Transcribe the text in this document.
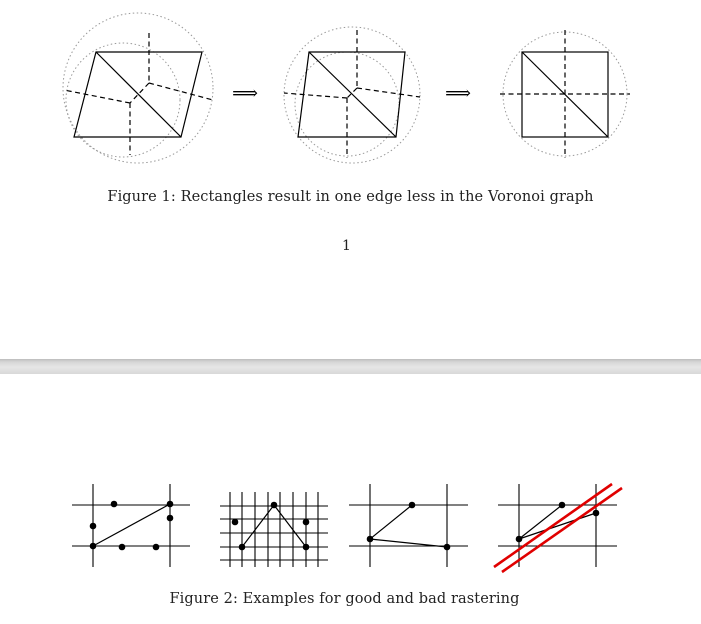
⟹	⟹
Figure 1: Rectangles result in one edge less in the Voronoi graph
1
Figure 2: Examples for good and bad rastering
